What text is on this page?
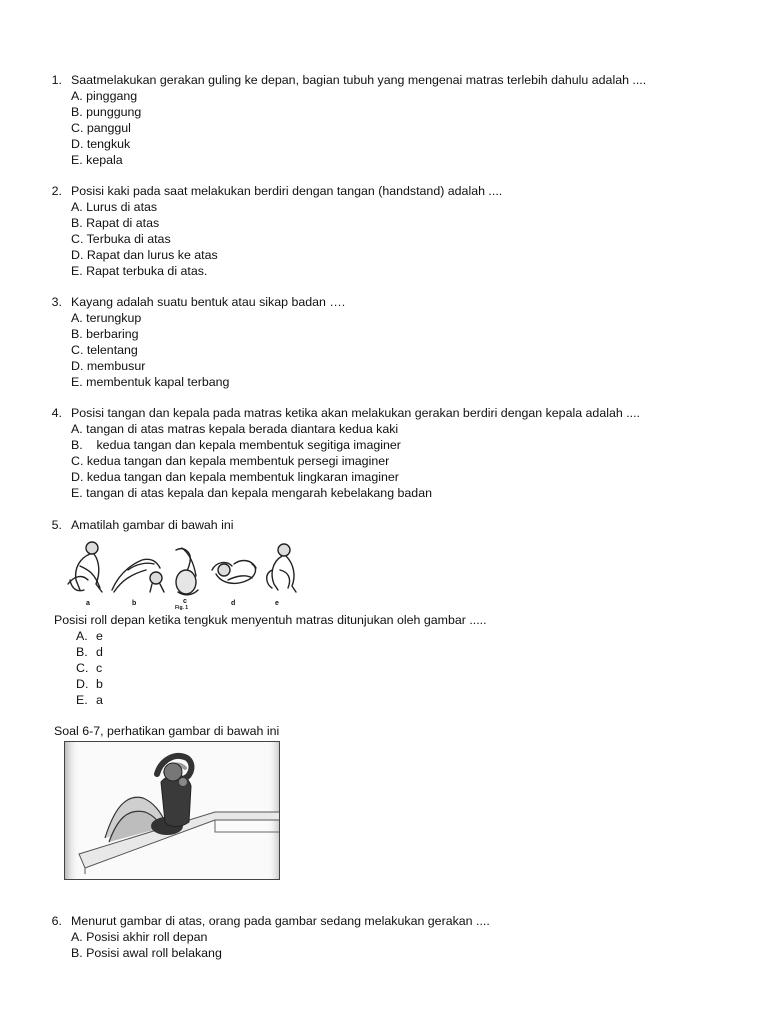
1. Saatmelakukan gerakan guling ke depan, bagian tubuh yang mengenai matras terlebih dahulu adalah ....
A. pinggang
B. punggung
C. panggul
D. tengkuk
E. kepala
2. Posisi kaki pada saat melakukan berdiri dengan tangan (handstand) adalah ....
A. Lurus di atas
B. Rapat di atas
C. Terbuka di atas
D. Rapat dan lurus ke atas
E. Rapat terbuka di atas.
3. Kayang adalah suatu bentuk atau sikap badan ….
A. terungkup
B. berbaring
C. telentang
D. membusur
E. membentuk kapal terbang
4. Posisi tangan dan kepala pada matras ketika akan melakukan gerakan berdiri dengan kepala adalah ....
A. tangan di atas matras kepala berada diantara kedua kaki
B.    kedua tangan dan kepala membentuk segitiga imaginer
C. kedua tangan dan kepala membentuk persegi imaginer
D. kedua tangan dan kepala membentuk lingkaran imaginer
E. tangan di atas kepala dan kepala mengarah kebelakang badan
5. Amatilah gambar di bawah ini
a	b	c
Fig. 1
d	e
Posisi roll depan ketika tengkuk menyentuh matras ditunjukan oleh gambar .....
A. e
B. d
C. c
D. b
E. a
Soal 6-7, perhatikan gambar di bawah ini
6. Menurut gambar di atas, orang pada gambar sedang melakukan gerakan ....
A. Posisi akhir roll depan
B. Posisi awal roll belakang
